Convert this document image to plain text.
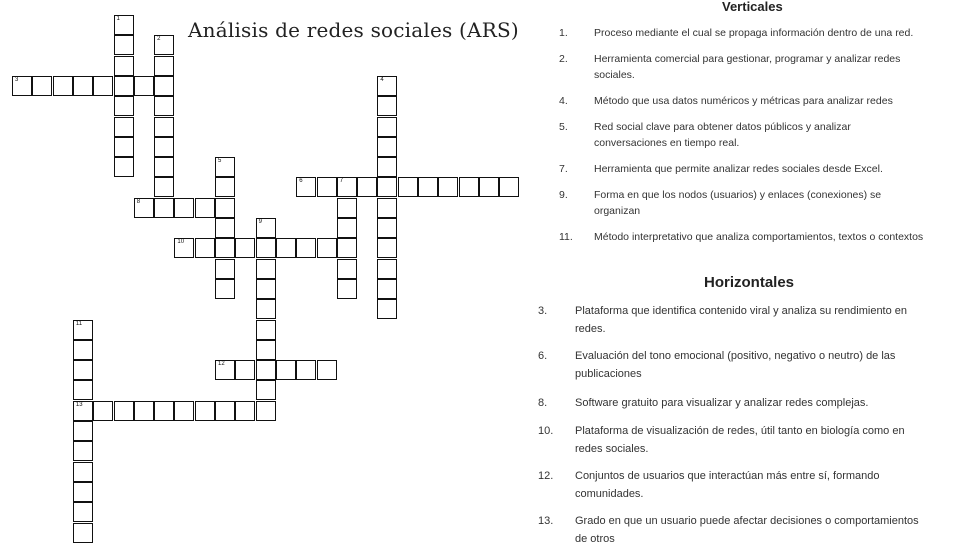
1
2
3	4
5
6	7
8
9
10
11
13
12
Análisis de redes sociales (ARS)
Verticales
1. Proceso mediante el cual se propaga información dentro de una red.
2. Herramienta comercial para gestionar, programar y analizar redes
sociales.
4. Método que usa datos numéricos y métricas para analizar redes
5. Red social clave para obtener datos públicos y analizar
conversaciones en tiempo real.
7. Herramienta que permite analizar redes sociales desde Excel.
9. Forma en que los nodos (usuarios) y enlaces (conexiones) se
organizan
11. Método interpretativo que analiza comportamientos, textos o contextos
Horizontales
3.	Plataforma que identifica contenido viral y analiza su rendimiento en
redes.
6.	Evaluación del tono emocional (positivo, negativo o neutro) de las
publicaciones
8.	Software gratuito para visualizar y analizar redes complejas.
10. Plataforma de visualización de redes, útil tanto en biología como en
redes sociales.
12. Conjuntos de usuarios que interactúan más entre sí, formando
comunidades.
13. Grado en que un usuario puede afectar decisiones o comportamientos
de otros
